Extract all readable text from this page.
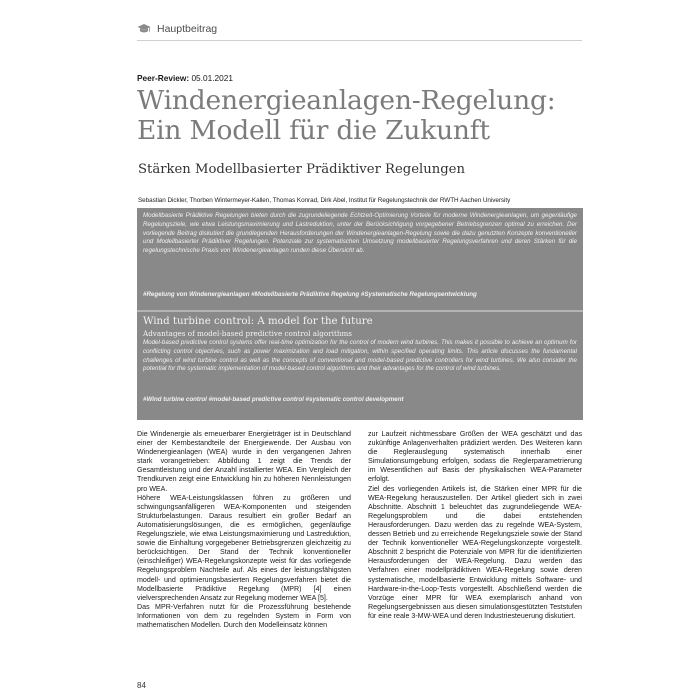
Hauptbeitrag
Peer-Review: 05.01.2021
Windenergieanlagen-Regelung:
Ein Modell für die Zukunft
Stärken Modellbasierter Prädiktiver Regelungen
Sebastian Dickler, Thorben Wintermeyer-Kallen, Thomas Konrad, Dirk Abel, Institut für Regelungstechnik der RWTH Aachen University
Modellbasierte Prädiktive Regelungen bieten durch die zugrundeliegende Echtzeit-Optimierung Vorteile für moderne Windenergieanlagen, um gegenläufige Regelungsziele, wie etwa Leistungsmaximierung und Lastreduktion, unter der Berücksichtigung vorgegebener Betriebsgrenzen optimal zu erreichen. Der vorliegende Beitrag diskutiert die grundlegenden Herausforderungen der Windenergieanlagen-Regelung sowie die dazu genutzten Konzepte konventioneller und Modellbasierter Prädiktiver Regelungen. Potenziale zur systematischen Umsetzung modellbasierter Regelungsverfahren und deren Stärken für die regelungstechnische Praxis von Windenergieanlagen runden diese Übersicht ab.
#Regelung von Windenergieanlagen #Modellbasierte Prädiktive Regelung #Systematische Regelungsentwicklung
Wind turbine control: A model for the future
Advantages of model-based predictive control algorithms
Model-based predictive control systems offer real-time optimization for the control of modern wind turbines. This makes it possible to achieve an optimum for conflicting control objectives, such as power maximization and load mitigation, within specified operating limits. This article discusses the fundamental challenges of wind turbine control as well as the concepts of conventional and model-based predictive controllers for wind turbines. We also consider the potential for the systematic implementation of model-based control algorithms and their advantages for the control of wind turbines.
#Wind turbine control #model-based predictive control #systematic control development

Die Windenergie als erneuerbarer Energieträger ist in Deutschland einer der Kernbestandteile der Energiewende. Der Ausbau von Windenergieanlagen (WEA) wurde in den vergangenen Jahren stark vorangetrieben: Abbildung 1 zeigt die Trends der Gesamtleistung und der Anzahl installierter WEA. Ein Vergleich der Trendkurven zeigt eine Entwicklung hin zu höheren Nennleistungen pro WEA.

Höhere WEA-Leistungsklassen führen zu größeren und schwingungsanfälligeren WEA-Komponenten und steigenden Strukturbelastungen. Daraus resultiert ein großer Bedarf an Automatisierungslösungen, die es ermöglichen, gegenläufige Regelungsziele, wie etwa Leistungsmaximierung und Lastreduktion, sowie die Einhaltung vorgegebener Betriebsgrenzen gleichzeitig zu berücksichtigen. Der Stand der Technik konventioneller (einschleifiger) WEA-Regelungskonzepte weist für das vorliegende Regelungsproblem Nachteile auf. Als eines der leistungsfähigsten modell- und optimierungsbasierten Regelungsverfahren bietet die Modellbasierte Prädiktive Regelung (MPR) [4] einen vielversprechenden Ansatz zur Regelung moderner WEA [5].

Das MPR-Verfahren nutzt für die Prozessführung bestehende Informationen von dem zu regelnden System in Form von mathematischen Modellen. Durch den Modelleinsatz können

zur Laufzeit nichtmessbare Größen der WEA geschätzt und das zukünftige Anlagenverhalten prädiziert werden. Des Weiteren kann die Reglerauslegung systematisch innerhalb einer Simulationsumgebung erfolgen, sodass die Reglerparametrierung im Wesentlichen auf Basis der physikalischen WEA-Parameter erfolgt.

Ziel des vorliegenden Artikels ist, die Stärken einer MPR für die WEA-Regelung herauszustellen. Der Artikel gliedert sich in zwei Abschnitte. Abschnitt 1 beleuchtet das zugrundeliegende WEA-Regelungsproblem und die dabei entstehenden Herausforderungen. Dazu werden das zu regelnde WEA-System, dessen Betrieb und zu erreichende Regelungsziele sowie der Stand der Technik konventioneller WEA-Regelungskonzepte vorgestellt. Abschnitt 2 bespricht die Potenziale von MPR für die identifizierten Herausforderungen der WEA-Regelung. Dazu werden das Verfahren einer modellprädiktiven WEA-Regelung sowie deren systematische, modellbasierte Entwicklung mittels Software- und Hardware-in-the-Loop-Tests vorgestellt. Abschließend werden die Vorzüge einer MPR für WEA exemplarisch anhand von Regelungsergebnissen aus diesen simulationsgestützten Teststufen für eine reale 3-MW-WEA und deren Industriesteuerung diskutiert.

84
